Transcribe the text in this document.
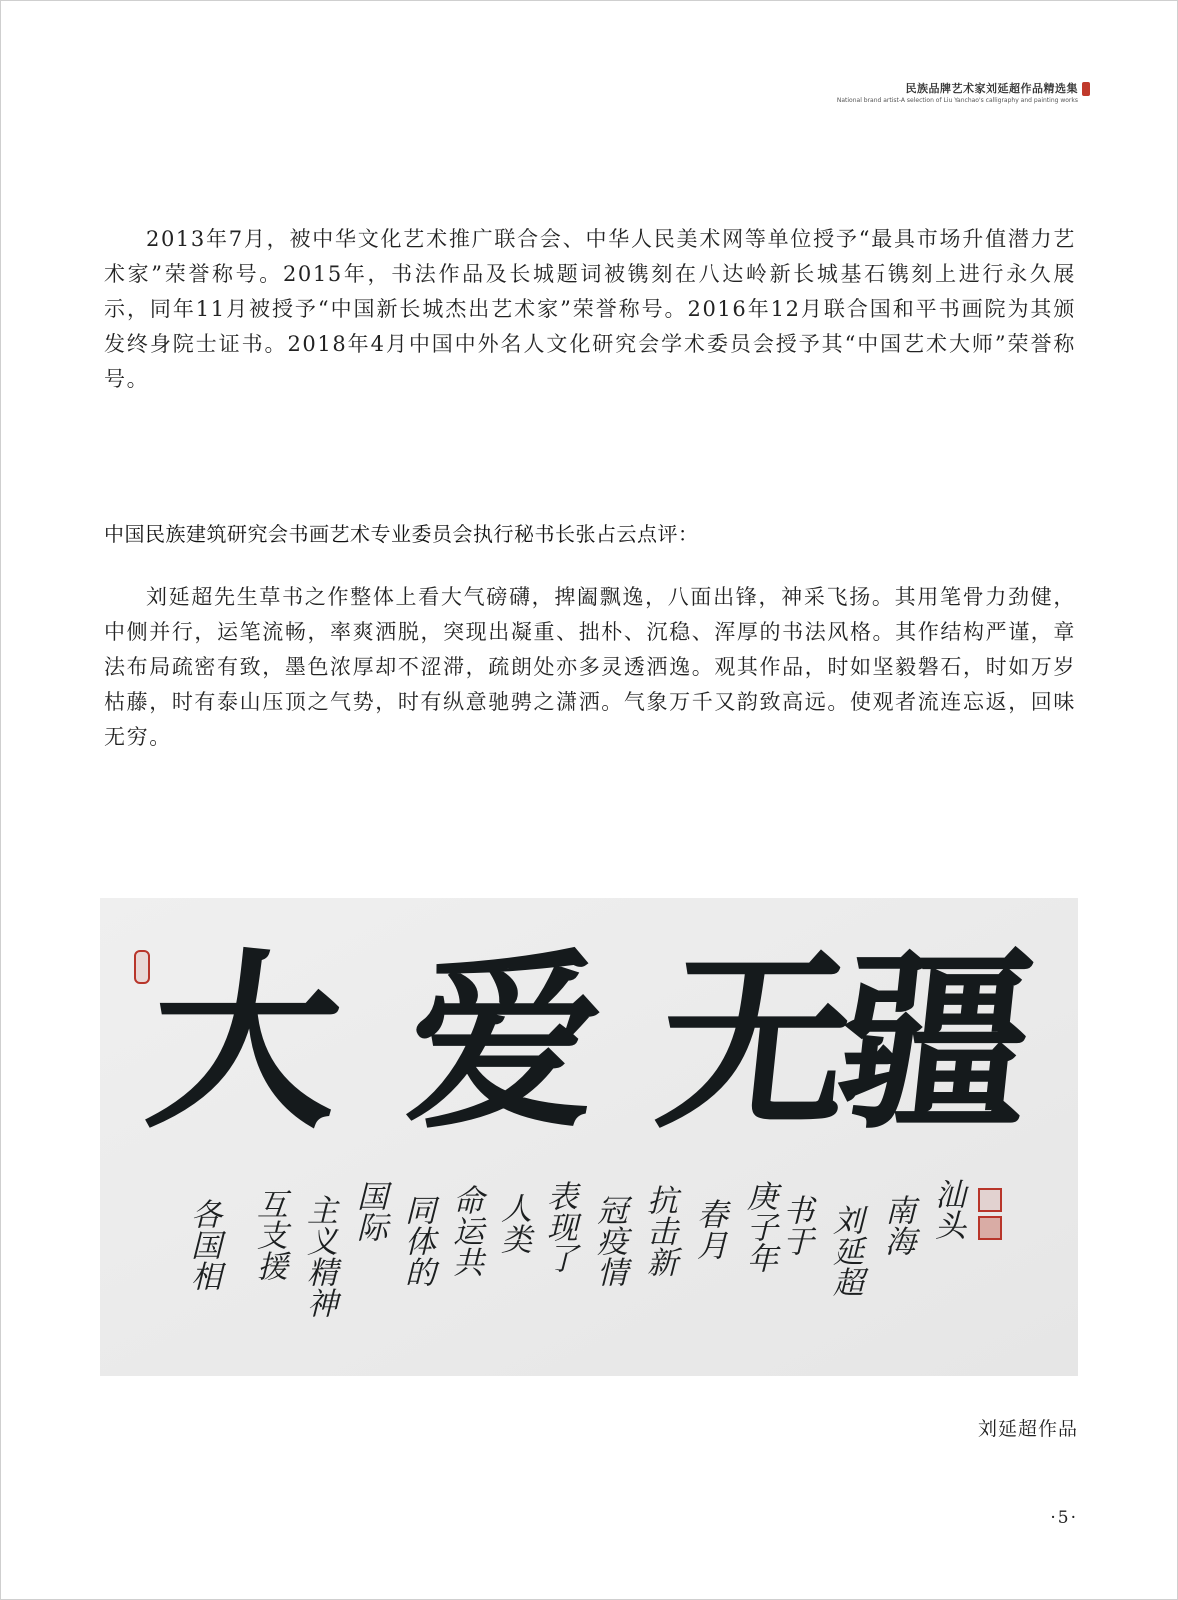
民族品牌艺术家刘延超作品精选集
National brand artist-A selection of Liu Yanchao's calligraphy and painting works

2013年7月，被中华文化艺术推广联合会、中华人民美术网等单位授予“最具市场升值潜力艺术家”荣誉称号。2015年，书法作品及长城题词被镌刻在八达岭新长城基石镌刻上进行永久展示，同年11月被授予“中国新长城杰出艺术家”荣誉称号。2016年12月联合国和平书画院为其颁发终身院士证书。2018年4月中国中外名人文化研究会学术委员会授予其“中国艺术大师”荣誉称号。

中国民族建筑研究会书画艺术专业委员会执行秘书长张占云点评：

刘延超先生草书之作整体上看大气磅礴，捭阖飘逸，八面出锋，神采飞扬。其用笔骨力劲健，中侧并行，运笔流畅，率爽洒脱，突现出凝重、拙朴、沉稳、浑厚的书法风格。其作结构严谨，章法布局疏密有致，墨色浓厚却不涩滞，疏朗处亦多灵透洒逸。观其作品，时如坚毅磐石，时如万岁枯藤，时有泰山压顶之气势，时有纵意驰骋之潇洒。气象万千又韵致高远。使观者流连忘返，回味无穷。

大 爱 无
疆
汕头
南海
刘延超
书于
庚子年
春月
抗击新
冠疫情
表现了
人类
命运共
同体的
国际
主义精神
互支援
各国相
刘延超作品
·5·
